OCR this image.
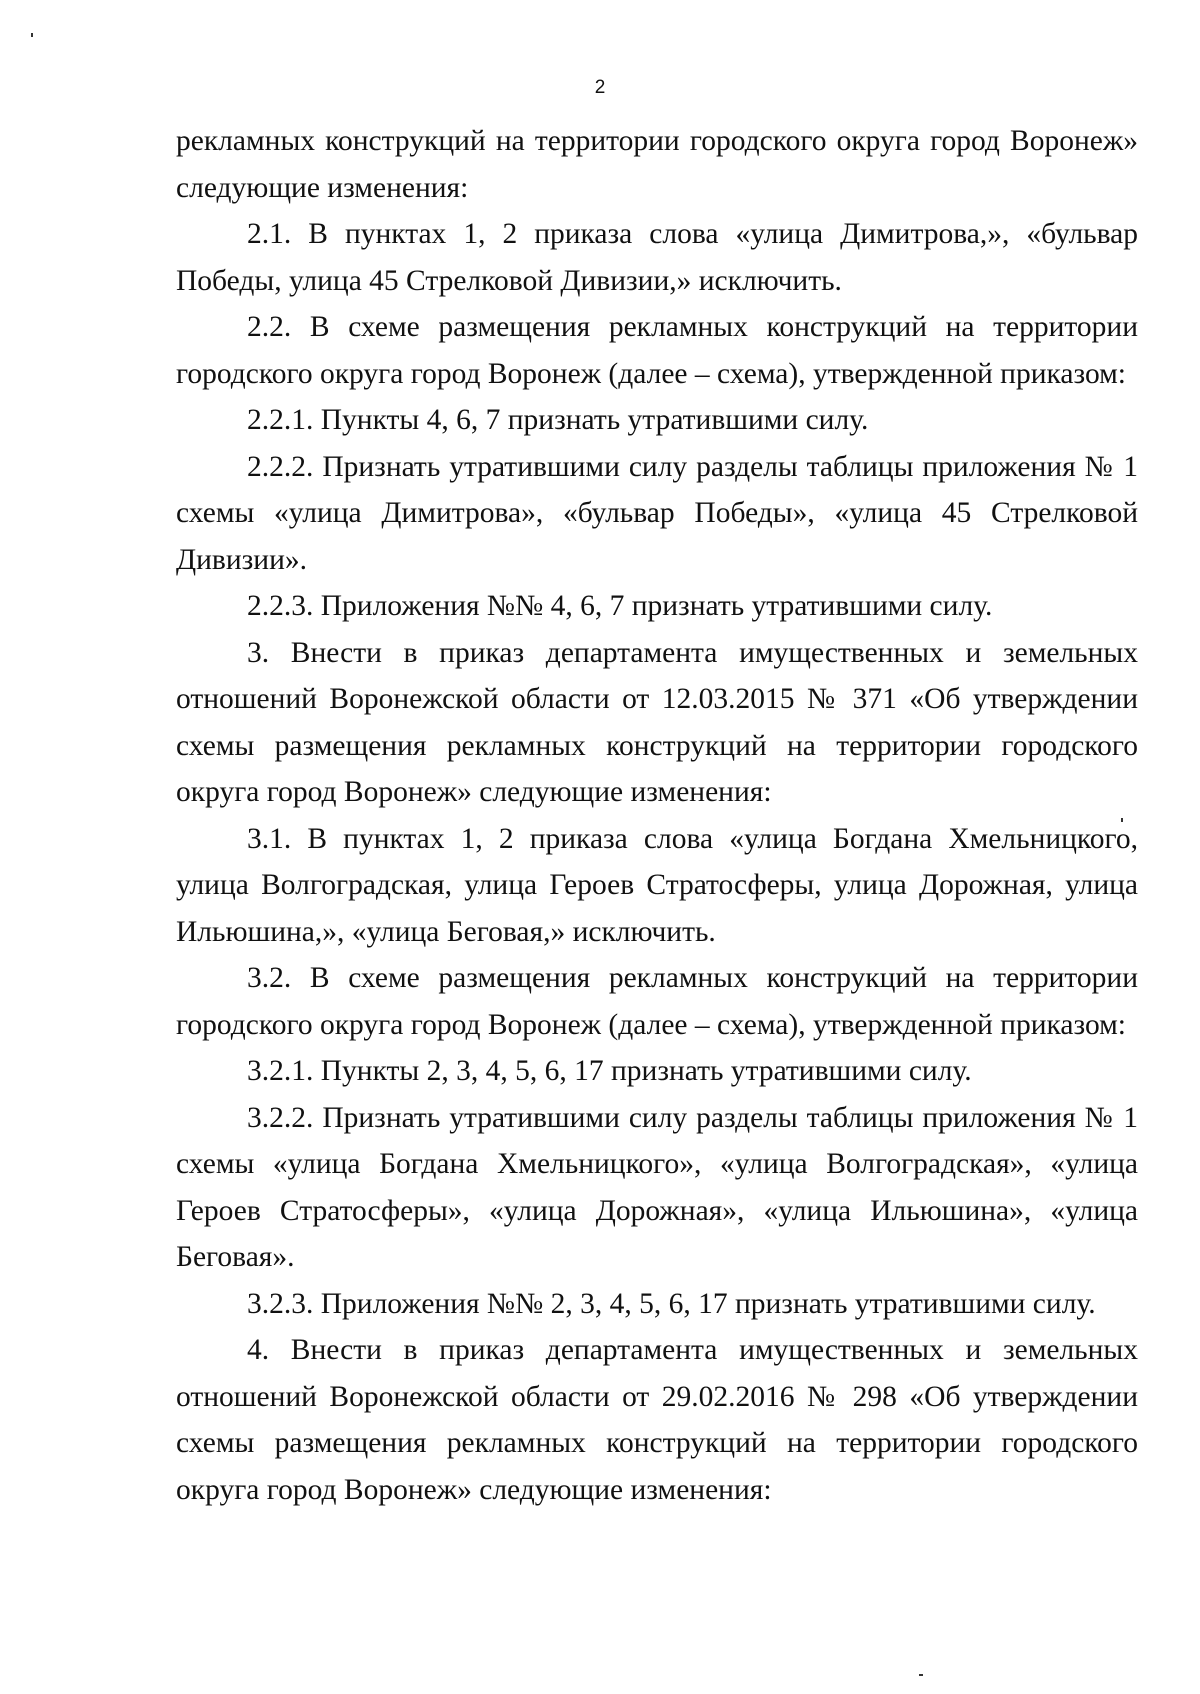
2

рекламных конструкций на территории городского округа город Воронеж» следующие изменения:

2.1. В пунктах 1, 2 приказа слова «улица Димитрова,», «бульвар Победы, улица 45 Стрелковой Дивизии,» исключить.

2.2. В схеме размещения рекламных конструкций на территории городского округа город Воронеж (далее – схема), утвержденной приказом:

2.2.1. Пункты 4, 6, 7 признать утратившими силу.

2.2.2. Признать утратившими силу разделы таблицы приложения № 1 схемы «улица Димитрова», «бульвар Победы», «улица 45 Стрелковой Дивизии».

2.2.3. Приложения №№ 4, 6, 7 признать утратившими силу.

3. Внести в приказ департамента имущественных и земельных отношений Воронежской области от 12.03.2015 № 371 «Об утверждении схемы размещения рекламных конструкций на территории городского округа город Воронеж» следующие изменения:

3.1. В пунктах 1, 2 приказа слова «улица Богдана Хмельницкого, улица Волгоградская, улица Героев Стратосферы, улица Дорожная, улица Ильюшина,», «улица Беговая,» исключить.

3.2. В схеме размещения рекламных конструкций на территории городского округа город Воронеж (далее – схема), утвержденной приказом:

3.2.1. Пункты 2, 3, 4, 5, 6, 17 признать утратившими силу.

3.2.2. Признать утратившими силу разделы таблицы приложения № 1 схемы «улица Богдана Хмельницкого», «улица Волгоградская», «улица Героев Стратосферы», «улица Дорожная», «улица Ильюшина», «улица Беговая».

3.2.3. Приложения №№ 2, 3, 4, 5, 6, 17 признать утратившими силу.

4. Внести в приказ департамента имущественных и земельных отношений Воронежской области от 29.02.2016 № 298 «Об утверждении схемы размещения рекламных конструкций на территории городского округа город Воронеж» следующие изменения:
